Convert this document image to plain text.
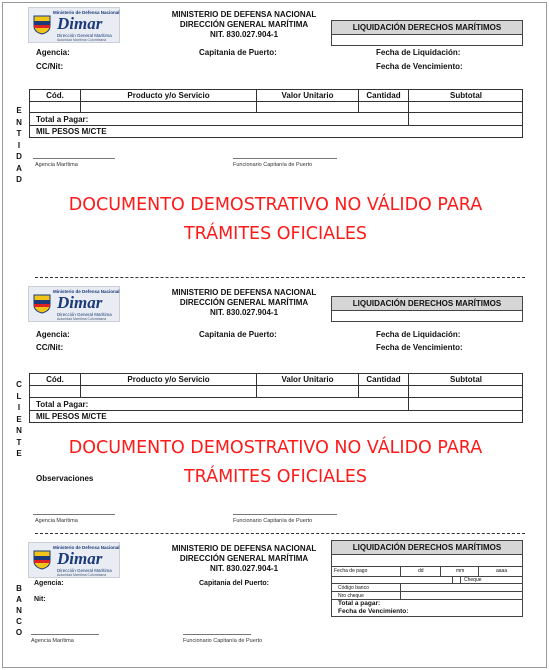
Ministerio de Defensa Nacional
Dimar
Dirección General Marítima
Autoridad Marítima Colombiana
MINISTERIO DE DEFENSA NACIONAL
DIRECCIÓN GENERAL MARÍTIMA
NIT. 830.027.904-1
LIQUIDACIÓN DERECHOS MARÍTIMOS
Agencia:
CC/Nit:
Capitania de Puerto:	Fecha de Liquidación:
Fecha de Vencimiento:
E
N
T
I
D
A
D
Cód.	Producto y/o Servicio	Valor Unitario	Cantidad	Subtotal
Total a Pagar:
MIL PESOS M/CTE
Agencia Marítima	Funcionario Capitanía de Puerto
DOCUMENTO DEMOSTRATIVO NO VÁLIDO PARA
TRÁMITES OFICIALES
Ministerio de Defensa Nacional
Dimar
Dirección General Marítima
Autoridad Marítima Colombiana
MINISTERIO DE DEFENSA NACIONAL
DIRECCIÓN GENERAL MARÍTIMA
NIT. 830.027.904-1
LIQUIDACIÓN DERECHOS MARÍTIMOS
Agencia:
CC/Nit:
Capitania de Puerto:	Fecha de Liquidación:
Fecha de Vencimiento:
C
L
I
E
N
T
E
Cód.	Producto y/o Servicio	Valor Unitario	Cantidad	Subtotal
Total a Pagar:
MIL PESOS M/CTE
DOCUMENTO DEMOSTRATIVO NO VÁLIDO PARA
TRÁMITES OFICIALES
Observaciones
Agencia Marítima	Funcionario Capitanía de Puerto
Ministerio de Defensa Nacional
Dimar
Dirección General Marítima
Autoridad Marítima Colombiana
MINISTERIO DE DEFENSA NACIONAL
DIRECCIÓN GENERAL MARÍTIMA
NIT. 830.027.904-1
LIQUIDACIÓN DERECHOS MARÍTIMOS
Fecha de pago	dd	mm	aaaa
Cheque
Código banco
Nro cheque
Total a pagar:
Fecha de Vencimiento:
Agencia:	Capitania del Puerto:
Nit:
B
A
N
C
O
Agencia Marítima	Funcionario Capitanía de Puerto
